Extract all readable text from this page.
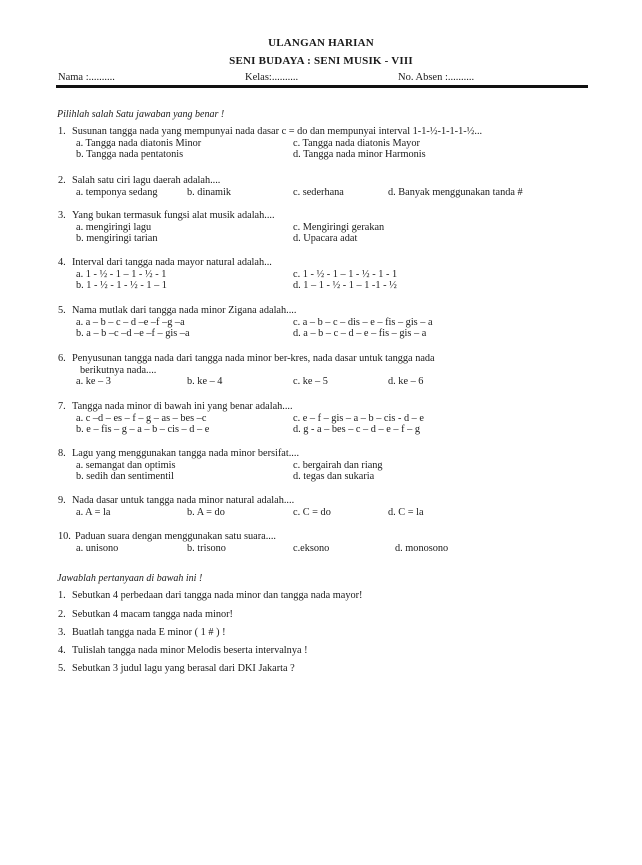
ULANGAN HARIAN
SENI BUDAYA : SENI MUSIK - VIII
Nama :..........	Kelas:..........	No. Absen :..........
Pilihlah salah Satu jawaban yang benar !
1. Susunan tangga nada yang mempunyai nada dasar c = do dan mempunyai interval 1-1-½-1-1-1-½...
a. Tangga nada diatonis Minor	c. Tangga nada diatonis Mayor
b. Tangga nada pentatonis	d. Tangga nada minor Harmonis
2. Salah satu ciri lagu daerah adalah....
a. temponya sedang	b. dinamik	c. sederhana	d. Banyak menggunakan tanda #
3. Yang bukan termasuk fungsi alat musik adalah....
a. mengiringi lagu	c. Mengiringi gerakan
b. mengiringi tarian	d. Upacara adat
4. Interval dari tangga nada mayor natural adalah...
a. 1 - ½ - 1 – 1 - ½ - 1	c. 1 - ½ - 1 – 1 - ½ - 1 - 1
b. 1 - ½ - 1 - ½ - 1 – 1	d. 1 – 1 - ½ - 1 – 1 -1 - ½
5. Nama mutlak dari tangga nada minor Zigana adalah....
a. a – b – c – d –e –f –g –a	c. a – b – c – dis – e – fis – gis – a
b. a – b –c –d –e –f – gis –a	d. a – b – c – d – e – fis – gis – a
6. Penyusunan tangga nada dari tangga nada minor ber-kres, nada dasar untuk tangga nada
berikutnya nada....
a. ke – 3	b. ke – 4	c. ke – 5	d. ke – 6
7. Tangga nada minor di bawah ini yang benar adalah....
a. c –d – es – f – g – as – bes –c	c. e – f – gis – a – b – cis - d – e
b. e – fis – g – a – b – cis – d – e	d. g - a – bes – c – d – e – f – g
8. Lagu yang menggunakan tangga nada minor bersifat....
a. semangat dan optimis	c. bergairah dan riang
b. sedih dan sentimentil	d. tegas dan sukaria
9. Nada dasar untuk tangga nada minor natural adalah....
a. A = la	b. A = do	c. C = do	d. C = la
10. Paduan suara dengan menggunakan satu suara....
a. unisono	b. trisono	c.eksono	d. monosono
Jawablah pertanyaan di bawah ini !
1. Sebutkan 4 perbedaan dari tangga nada minor dan tangga nada mayor!
2. Sebutkan 4 macam tangga nada minor!
3. Buatlah tangga nada E minor ( 1 # ) !
4. Tulislah tangga nada minor Melodis beserta intervalnya !
5. Sebutkan 3 judul lagu yang berasal dari DKI Jakarta ?
